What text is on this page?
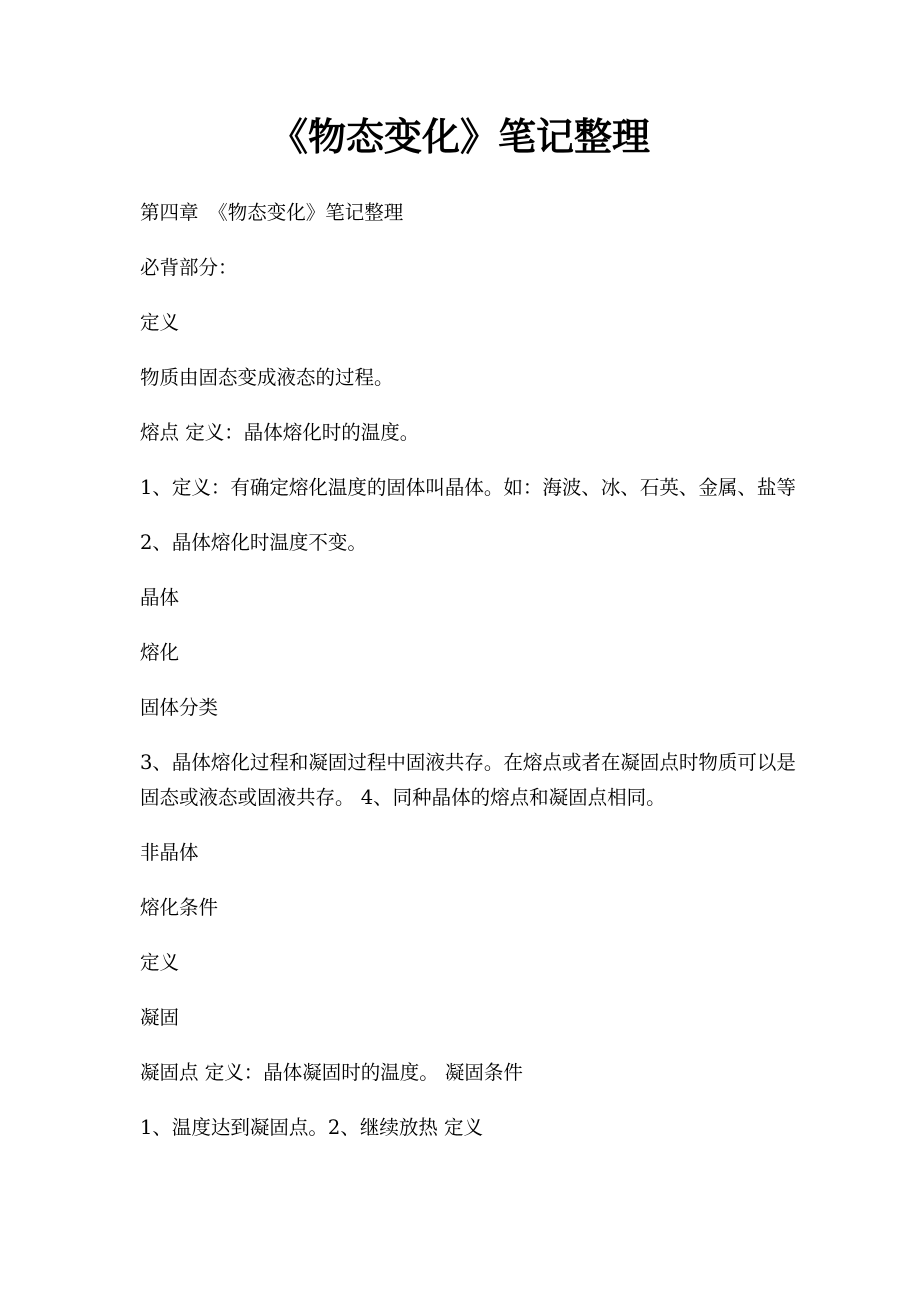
《物态变化》笔记整理

第四章　《物态变化》笔记整理

必背部分：

定义

物质由固态变成液态的过程。

熔点 定义：晶体熔化时的温度。

1、定义：有确定熔化温度的固体叫晶体。如：海波、冰、石英、金属、盐等

2、晶体熔化时温度不变。

晶体

熔化

固体分类

3、晶体熔化过程和凝固过程中固液共存。在熔点或者在凝固点时物质可以是固态或液态或固液共存。 4、同种晶体的熔点和凝固点相同。

非晶体

熔化条件

定义

凝固

凝固点 定义：晶体凝固时的温度。 凝固条件

1、温度达到凝固点。2、继续放热 定义
